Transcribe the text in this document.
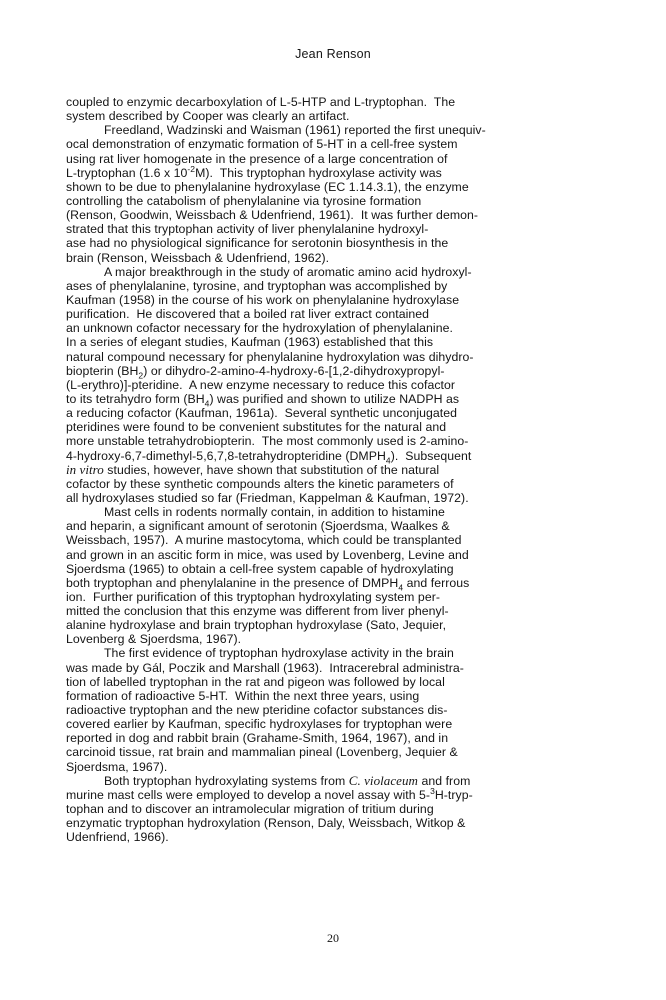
Jean Renson
coupled to enzymic decarboxylation of L-5-HTP and L-tryptophan.  The
system described by Cooper was clearly an artifact.
Freedland, Wadzinski and Waisman (1961) reported the first unequiv-
ocal demonstration of enzymatic formation of 5-HT in a cell-free system
using rat liver homogenate in the presence of a large concentration of
L-tryptophan (1.6 x $10^{-2}M$).  This tryptophan hydroxylase activity was
shown to be due to phenylalanine hydroxylase (EC 1.14.3.1), the enzyme
controlling the catabolism of phenylalanine via tyrosine formation
(Renson, Goodwin, Weissbach & Udenfriend, 1961).  It was further demon-
strated that this tryptophan activity of liver phenylalanine hydroxyl-
ase had no physiological significance for serotonin biosynthesis in the
brain (Renson, Weissbach & Udenfriend, 1962).
A major breakthrough in the study of aromatic amino acid hydroxyl-
ases of phenylalanine, tyrosine, and tryptophan was accomplished by
Kaufman (1958) in the course of his work on phenylalanine hydroxylase
purification.  He discovered that a boiled rat liver extract contained
an unknown cofactor necessary for the hydroxylation of phenylalanine.
In a series of elegant studies, Kaufman (1963) established that this
natural compound necessary for phenylalanine hydroxylation was dihydro-
biopterin $(BH_2)$ or dihydro-2-amino-4-hydroxy-6-[1,2-dihydroxypropyl-
(L-erythro)]-pteridine.  A new enzyme necessary to reduce this cofactor
to its tetrahydro form $(BH_4)$ was purified and shown to utilize NADPH as
a reducing cofactor (Kaufman, 1961a).  Several synthetic unconjugated
pteridines were found to be convenient substitutes for the natural and
more unstable tetrahydrobiopterin.  The most commonly used is 2-amino-
4-hydroxy-6,7-dimethyl-5,6,7,8-tetrahydropteridine $(DMPH_4)$.  Subsequent
in vitro studies, however, have shown that substitution of the natural
cofactor by these synthetic compounds alters the kinetic parameters of
all hydroxylases studied so far (Friedman, Kappelman & Kaufman, 1972).
Mast cells in rodents normally contain, in addition to histamine
and heparin, a significant amount of serotonin (Sjoerdsma, Waalkes &
Weissbach, 1957).  A murine mastocytoma, which could be transplanted
and grown in an ascitic form in mice, was used by Lovenberg, Levine and
Sjoerdsma (1965) to obtain a cell-free system capable of hydroxylating
both tryptophan and phenylalanine in the presence of $DMPH_4$ and ferrous
ion.  Further purification of this tryptophan hydroxylating system per-
mitted the conclusion that this enzyme was different from liver phenyl-
alanine hydroxylase and brain tryptophan hydroxylase (Sato, Jequier,
Lovenberg & Sjoerdsma, 1967).
The first evidence of tryptophan hydroxylase activity in the brain
was made by Gál, Poczik and Marshall (1963).  Intracerebral administra-
tion of labelled tryptophan in the rat and pigeon was followed by local
formation of radioactive 5-HT.  Within the next three years, using
radioactive tryptophan and the new pteridine cofactor substances dis-
covered earlier by Kaufman, specific hydroxylases for tryptophan were
reported in dog and rabbit brain (Grahame-Smith, 1964, 1967), and in
carcinoid tissue, rat brain and mammalian pineal (Lovenberg, Jequier &
Sjoerdsma, 1967).
Both tryptophan hydroxylating systems from C. violaceum and from
murine mast cells were employed to develop a novel assay with 5-$^3$H-tryp-
tophan and to discover an intramolecular migration of tritium during
enzymatic tryptophan hydroxylation (Renson, Daly, Weissbach, Witkop &
Udenfriend, 1966).
20
